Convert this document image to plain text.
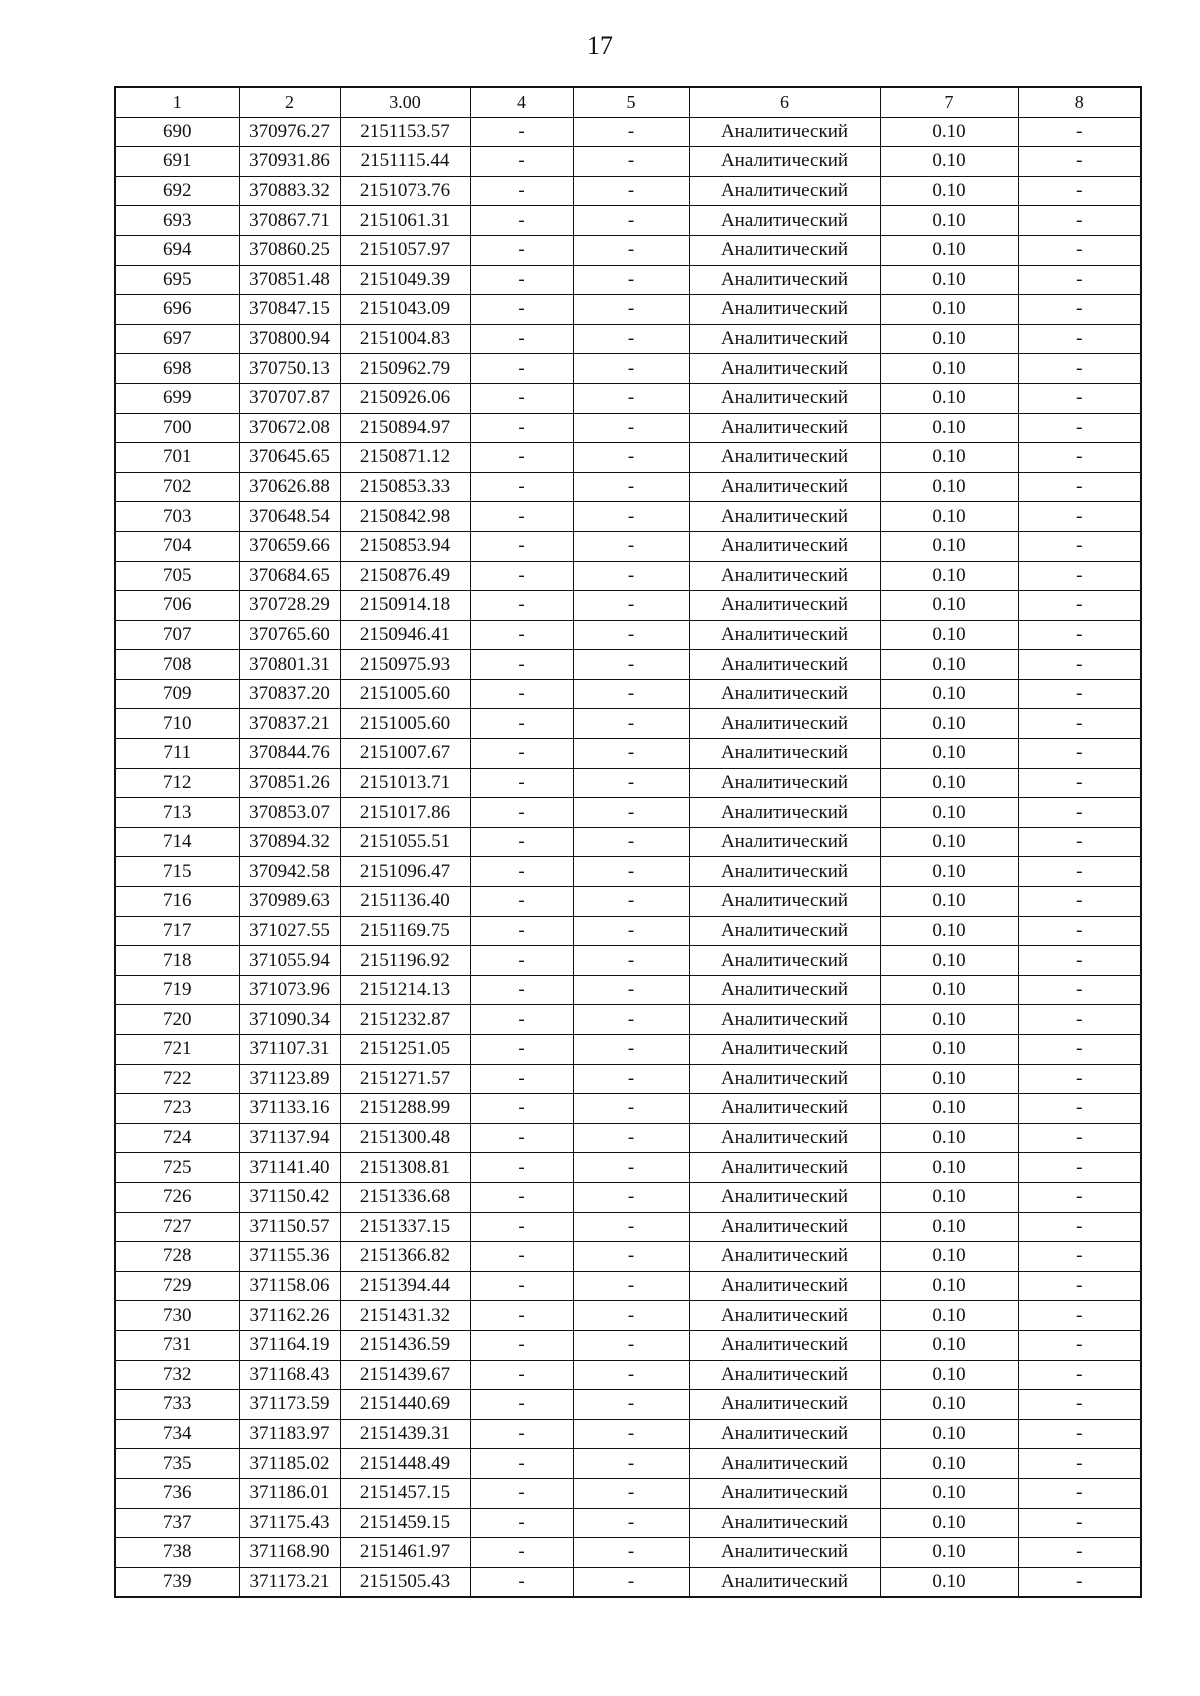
17
1	2	3.00	4	5	6	7	8
690	370976.27	2151153.57	-	-	Аналитический	0.10	-
691	370931.86	2151115.44	-	-	Аналитический	0.10	-
692	370883.32	2151073.76	-	-	Аналитический	0.10	-
693	370867.71	2151061.31	-	-	Аналитический	0.10	-
694	370860.25	2151057.97	-	-	Аналитический	0.10	-
695	370851.48	2151049.39	-	-	Аналитический	0.10	-
696	370847.15	2151043.09	-	-	Аналитический	0.10	-
697	370800.94	2151004.83	-	-	Аналитический	0.10	-
698	370750.13	2150962.79	-	-	Аналитический	0.10	-
699	370707.87	2150926.06	-	-	Аналитический	0.10	-
700	370672.08	2150894.97	-	-	Аналитический	0.10	-
701	370645.65	2150871.12	-	-	Аналитический	0.10	-
702	370626.88	2150853.33	-	-	Аналитический	0.10	-
703	370648.54	2150842.98	-	-	Аналитический	0.10	-
704	370659.66	2150853.94	-	-	Аналитический	0.10	-
705	370684.65	2150876.49	-	-	Аналитический	0.10	-
706	370728.29	2150914.18	-	-	Аналитический	0.10	-
707	370765.60	2150946.41	-	-	Аналитический	0.10	-
708	370801.31	2150975.93	-	-	Аналитический	0.10	-
709	370837.20	2151005.60	-	-	Аналитический	0.10	-
710	370837.21	2151005.60	-	-	Аналитический	0.10	-
711	370844.76	2151007.67	-	-	Аналитический	0.10	-
712	370851.26	2151013.71	-	-	Аналитический	0.10	-
713	370853.07	2151017.86	-	-	Аналитический	0.10	-
714	370894.32	2151055.51	-	-	Аналитический	0.10	-
715	370942.58	2151096.47	-	-	Аналитический	0.10	-
716	370989.63	2151136.40	-	-	Аналитический	0.10	-
717	371027.55	2151169.75	-	-	Аналитический	0.10	-
718	371055.94	2151196.92	-	-	Аналитический	0.10	-
719	371073.96	2151214.13	-	-	Аналитический	0.10	-
720	371090.34	2151232.87	-	-	Аналитический	0.10	-
721	371107.31	2151251.05	-	-	Аналитический	0.10	-
722	371123.89	2151271.57	-	-	Аналитический	0.10	-
723	371133.16	2151288.99	-	-	Аналитический	0.10	-
724	371137.94	2151300.48	-	-	Аналитический	0.10	-
725	371141.40	2151308.81	-	-	Аналитический	0.10	-
726	371150.42	2151336.68	-	-	Аналитический	0.10	-
727	371150.57	2151337.15	-	-	Аналитический	0.10	-
728	371155.36	2151366.82	-	-	Аналитический	0.10	-
729	371158.06	2151394.44	-	-	Аналитический	0.10	-
730	371162.26	2151431.32	-	-	Аналитический	0.10	-
731	371164.19	2151436.59	-	-	Аналитический	0.10	-
732	371168.43	2151439.67	-	-	Аналитический	0.10	-
733	371173.59	2151440.69	-	-	Аналитический	0.10	-
734	371183.97	2151439.31	-	-	Аналитический	0.10	-
735	371185.02	2151448.49	-	-	Аналитический	0.10	-
736	371186.01	2151457.15	-	-	Аналитический	0.10	-
737	371175.43	2151459.15	-	-	Аналитический	0.10	-
738	371168.90	2151461.97	-	-	Аналитический	0.10	-
739	371173.21	2151505.43	-	-	Аналитический	0.10	-
